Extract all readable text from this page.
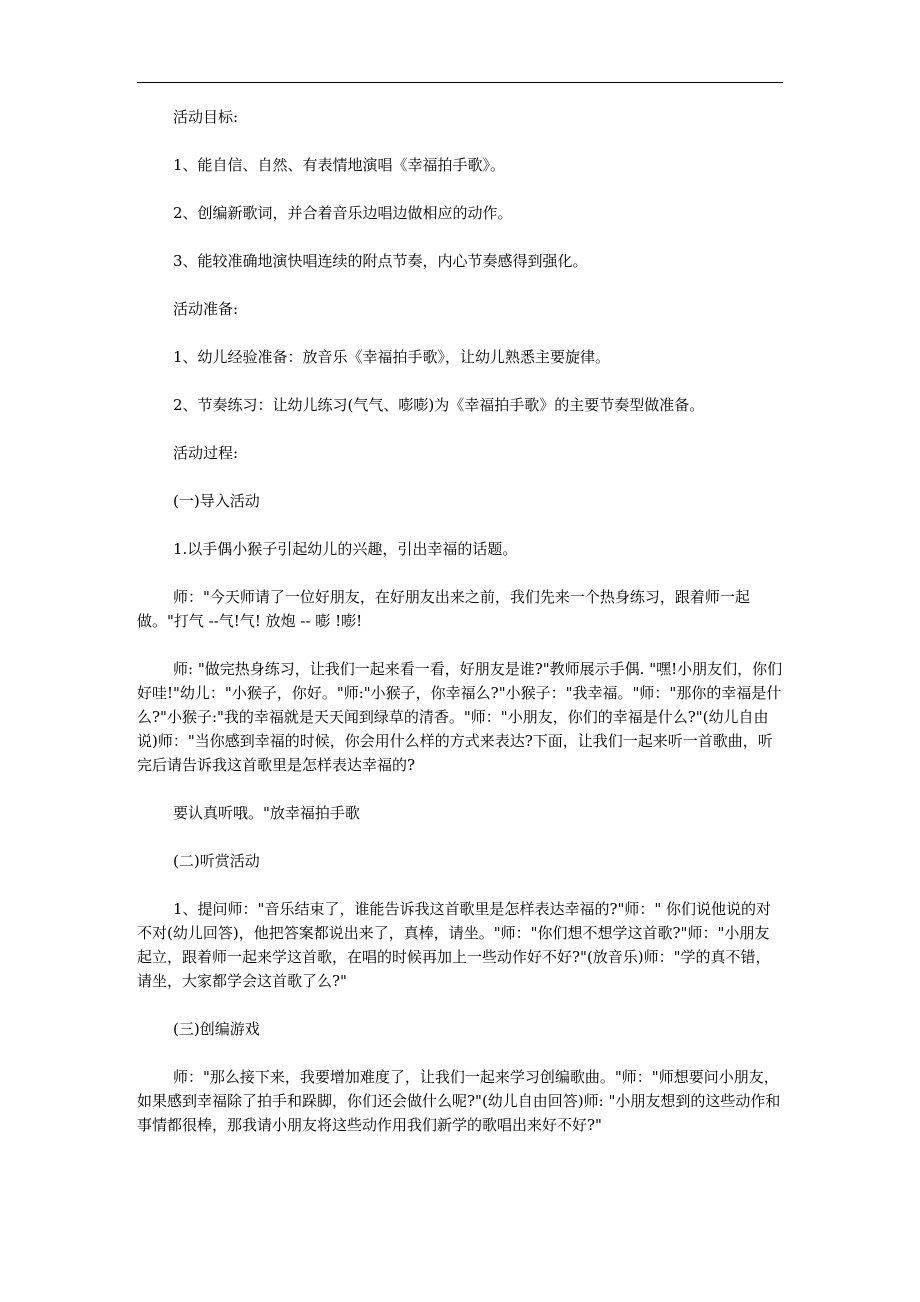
活动目标:

1、能自信、自然、有表情地演唱《幸福拍手歌》。

2、创编新歌词，并合着音乐边唱边做相应的动作。

3、能较准确地演快唱连续的附点节奏，内心节奏感得到强化。

活动准备:

1、幼儿经验准备：放音乐《幸福拍手歌》，让幼儿熟悉主要旋律。

2、节奏练习：让幼儿练习(气气、嘭嘭)为《幸福拍手歌》的主要节奏型做准备。

活动过程:

(一)导入活动

1.以手偶小猴子引起幼儿的兴趣，引出幸福的话题。

师："今天师请了一位好朋友，在好朋友出来之前，我们先来一个热身练习，跟着师一起做。"打气 --气!气! 放炮 -- 嘭 !嘭!

师: "做完热身练习，让我们一起来看一看，好朋友是谁?"教师展示手偶. "嘿!小朋友们，你们好哇!"幼儿："小猴子，你好。"师:"小猴子，你幸福么?"小猴子："我幸福。"师："那你的幸福是什么?"小猴子:"我的幸福就是天天闻到绿草的清香。"师："小朋友，你们的幸福是什么?"(幼儿自由说)师："当你感到幸福的时候，你会用什么样的方式来表达?下面，让我们一起来听一首歌曲，听完后请告诉我这首歌里是怎样表达幸福的?

要认真听哦。"放幸福拍手歌

(二)听赏活动

1、提问师："音乐结束了，谁能告诉我这首歌里是怎样表达幸福的?"师：" 你们说他说的对不对(幼儿回答)，他把答案都说出来了，真棒，请坐。"师："你们想不想学这首歌?"师："小朋友起立，跟着师一起来学这首歌，在唱的时候再加上一些动作好不好?"(放音乐)师："学的真不错，请坐，大家都学会这首歌了么?"

(三)创编游戏

师："那么接下来，我要增加难度了，让我们一起来学习创编歌曲。"师："师想要问小朋友，如果感到幸福除了拍手和跺脚，你们还会做什么呢?"(幼儿自由回答)师: "小朋友想到的这些动作和事情都很棒，那我请小朋友将这些动作用我们新学的歌唱出来好不好?"
